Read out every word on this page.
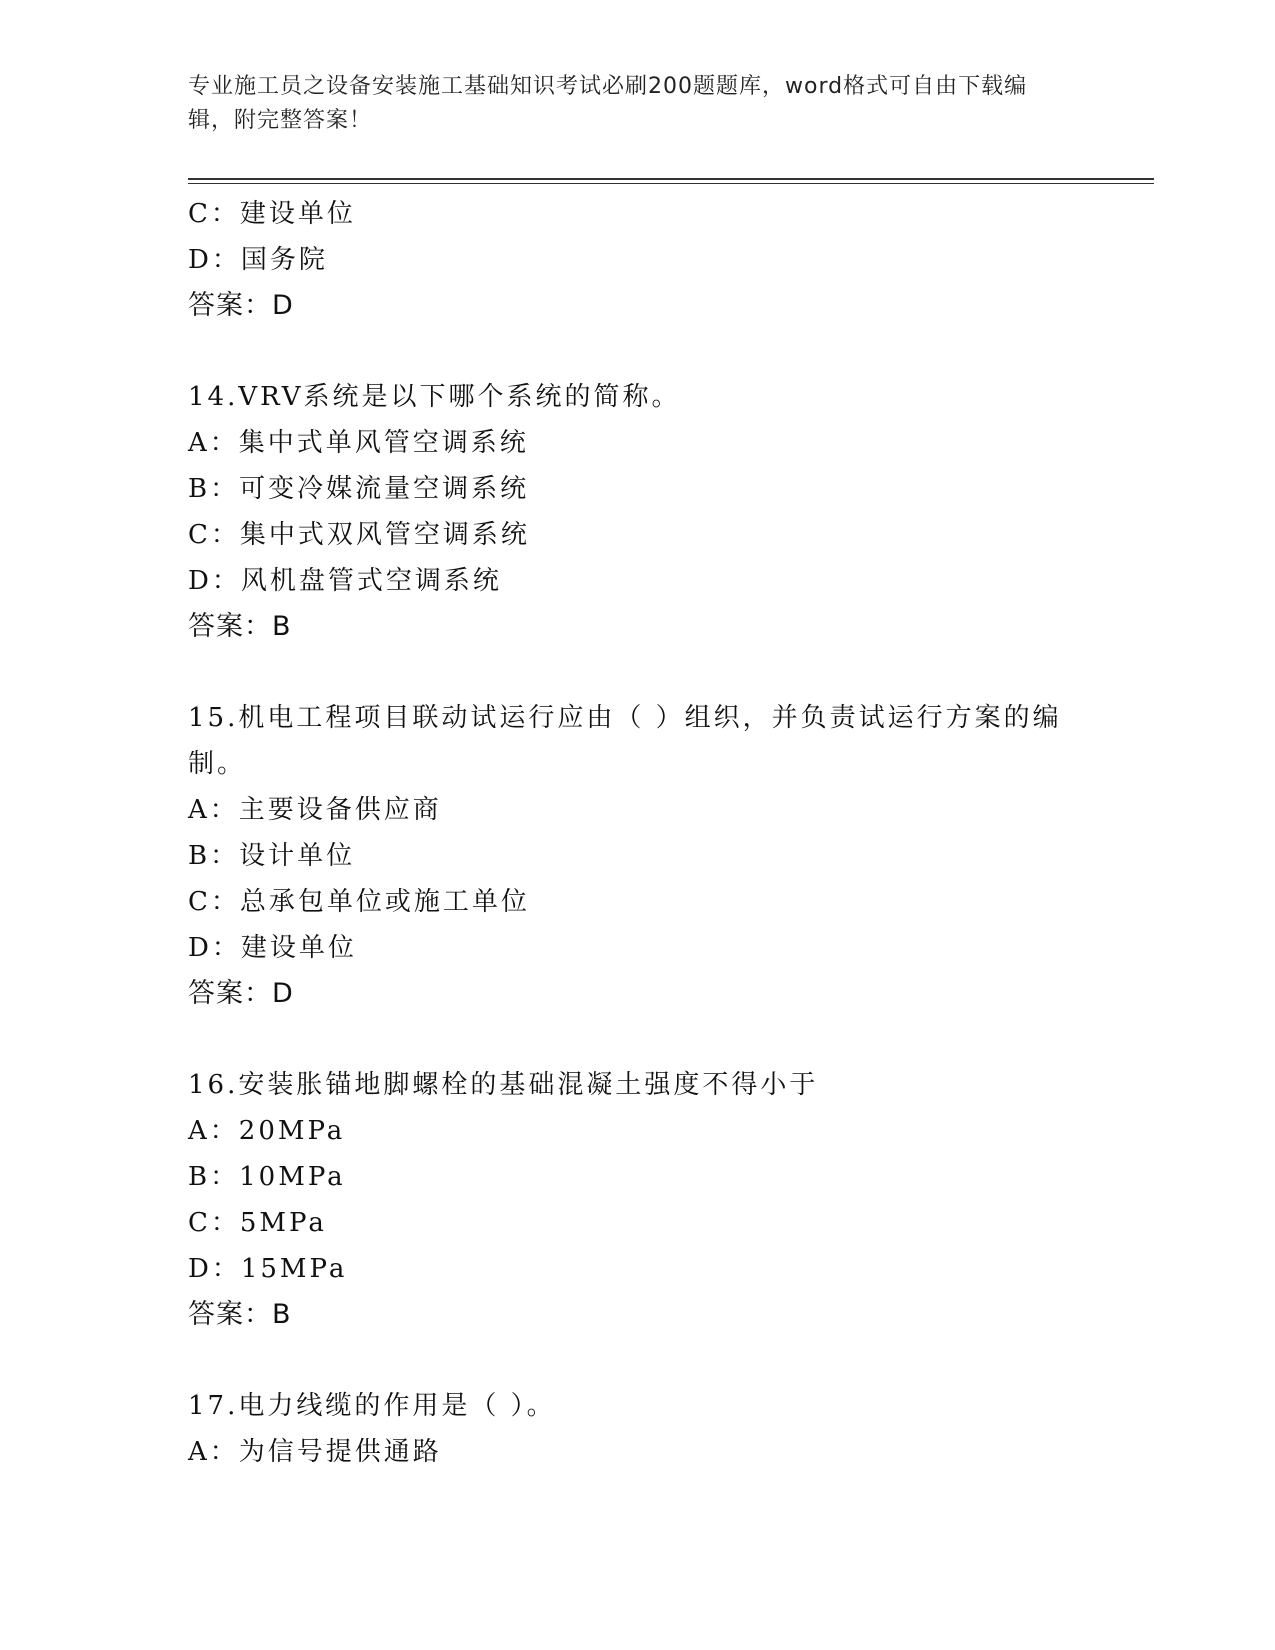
专业施工员之设备安装施工基础知识考试必刷200题题库，word格式可自由下载编辑，附完整答案！
C：建设单位
D：国务院
答案：D
14.VRV系统是以下哪个系统的简称。
A：集中式单风管空调系统
B：可变冷媒流量空调系统
C：集中式双风管空调系统
D：风机盘管式空调系统
答案：B
15.机电工程项目联动试运行应由（ ）组织，并负责试运行方案的编制。
A：主要设备供应商
B：设计单位
C：总承包单位或施工单位
D：建设单位
答案：D
16.安装胀锚地脚螺栓的基础混凝土强度不得小于
A：20MPa
B：10MPa
C：5MPa
D：15MPa
答案：B
17.电力线缆的作用是（ ）。
A：为信号提供通路
